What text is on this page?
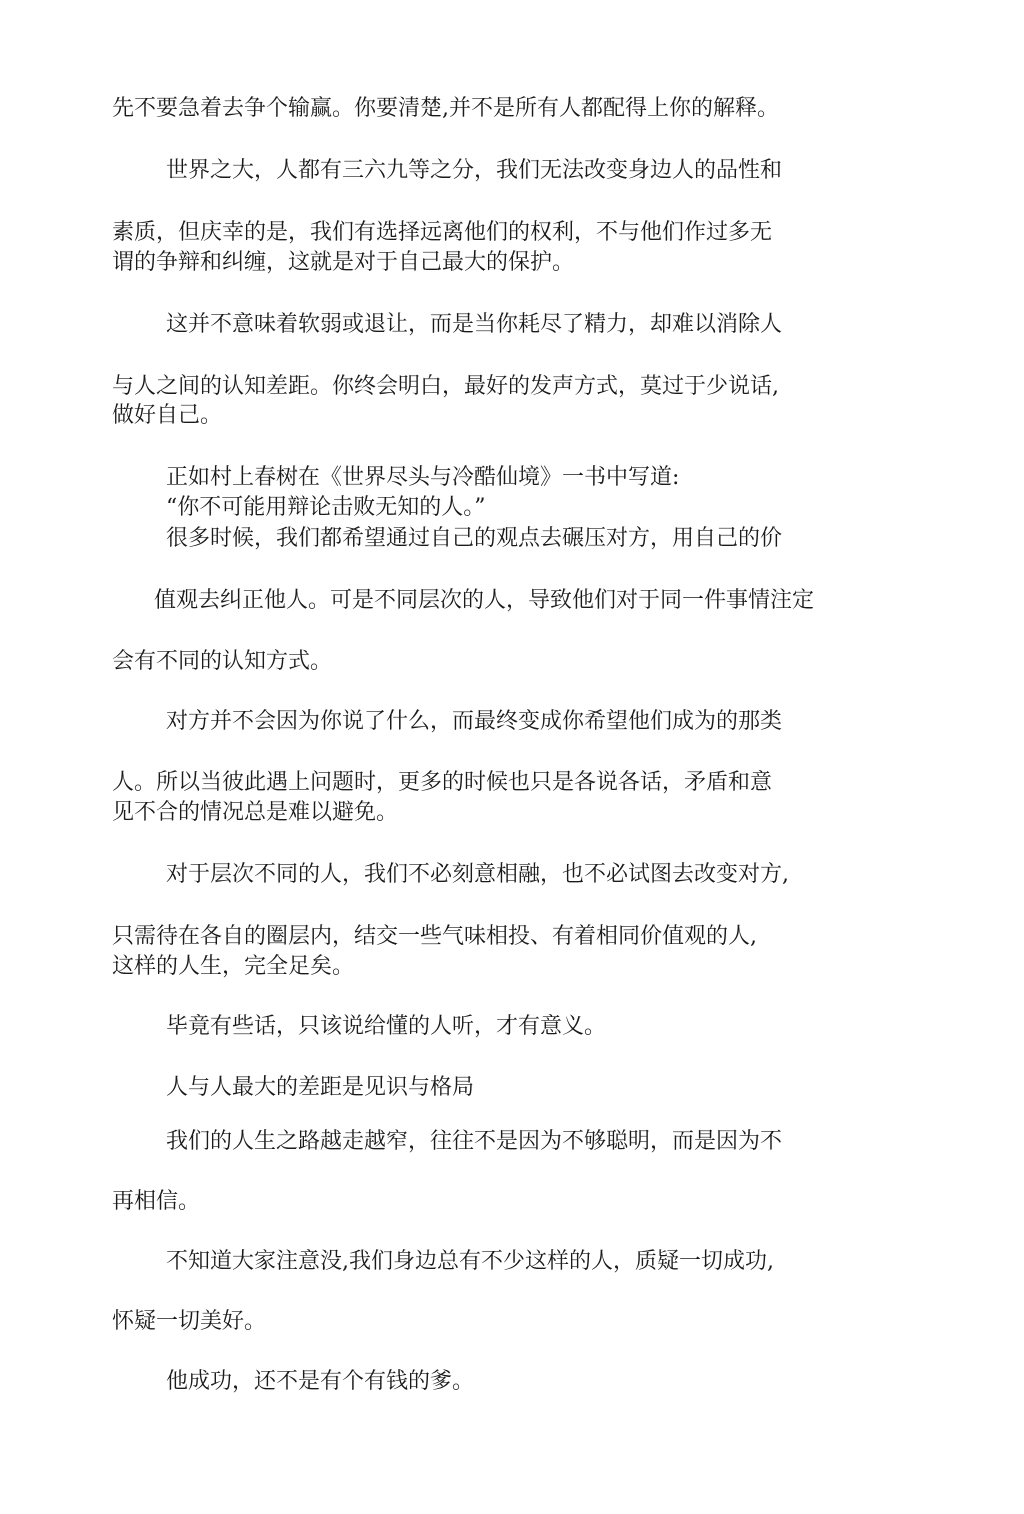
先不要急着去争个输赢。你要清楚,并不是所有人都配得上你的解释。
世界之大，人都有三六九等之分，我们无法改变身边人的品性和
素质，但庆幸的是，我们有选择远离他们的权利，不与他们作过多无
谓的争辩和纠缠，这就是对于自己最大的保护。
这并不意味着软弱或退让，而是当你耗尽了精力，却难以消除人
与人之间的认知差距。你终会明白，最好的发声方式，莫过于少说话,
做好自己。
正如村上春树在《世界尽头与冷酷仙境》一书中写道:
“你不可能用辩论击败无知的人。”
很多时候，我们都希望通过自己的观点去碾压对方，用自己的价
值观去纠正他人。可是不同层次的人，导致他们对于同一件事情注定
会有不同的认知方式。
对方并不会因为你说了什么，而最终变成你希望他们成为的那类
人。所以当彼此遇上问题时，更多的时候也只是各说各话，矛盾和意
见不合的情况总是难以避免。
对于层次不同的人，我们不必刻意相融，也不必试图去改变对方,
只需待在各自的圈层内，结交一些气味相投、有着相同价值观的人,
这样的人生，完全足矣。
毕竟有些话，只该说给懂的人听，才有意义。
人与人最大的差距是见识与格局
我们的人生之路越走越窄，往往不是因为不够聪明，而是因为不
再相信。
不知道大家注意没,我们身边总有不少这样的人，质疑一切成功,
怀疑一切美好。
他成功，还不是有个有钱的爹。
